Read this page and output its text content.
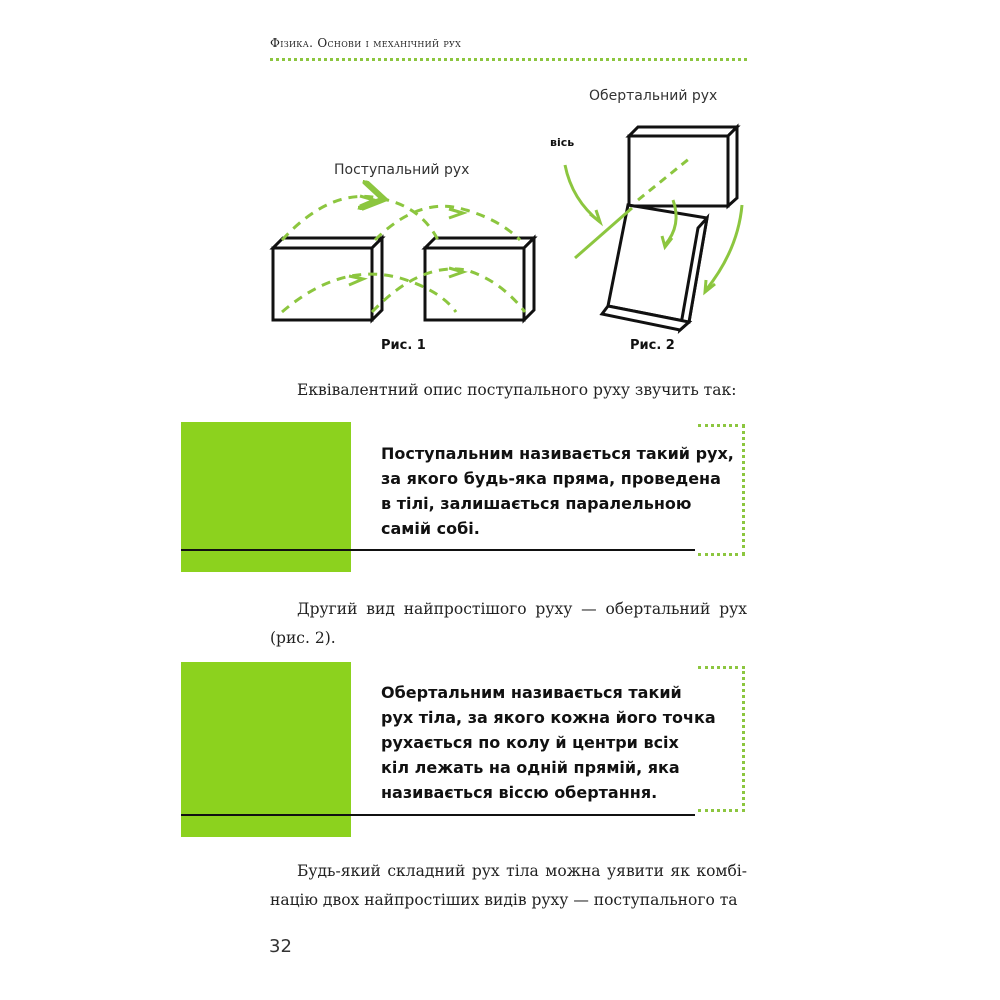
Фізика. Основи і механічний рух
Поступальний рух
Обертальний рух
вісь
Рис. 1	Рис. 2
Еквівалентний опис поступального руху звучить так:
Поступальним називається такий рух,
за якого будь-яка пряма, проведена
в тілі, залишається паралельною
самій собі.
Другий вид найпростішого руху — обертальний рух (рис. 2).
Обертальним називається такий
рух тіла, за якого кожна його точка
рухається по колу й центри всіх
кіл лежать на одній прямій, яка
називається віссю обертання.
Будь-який складний рух тіла можна уявити як комбі-націю двох найпростіших видів руху — поступального та
32
